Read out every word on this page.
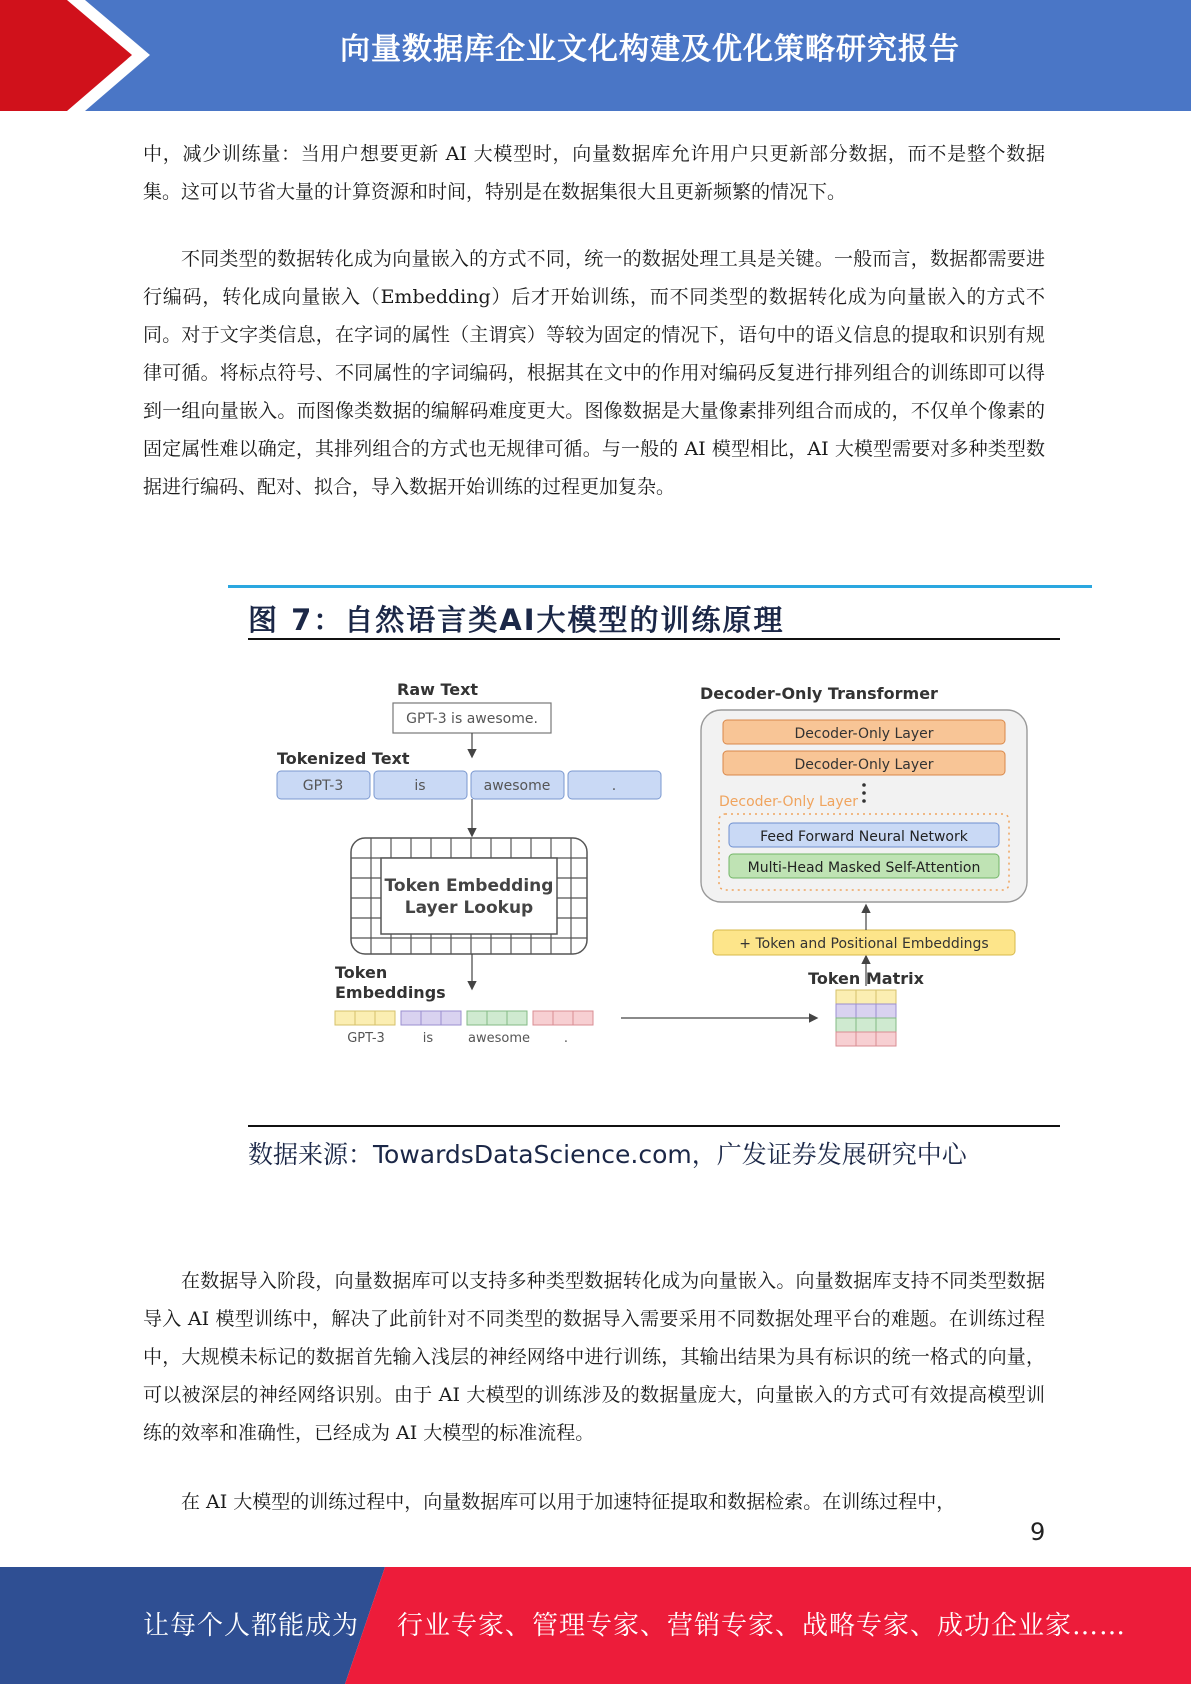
向量数据库企业文化构建及优化策略研究报告

中，减少训练量：当用户想要更新 AI 大模型时，向量数据库允许用户只更新部分数据，而不是整个数据集。这可以节省大量的计算资源和时间，特别是在数据集很大且更新频繁的情况下。

不同类型的数据转化成为向量嵌入的方式不同，统一的数据处理工具是关键。一般而言，数据都需要进行编码，转化成向量嵌入（Embedding）后才开始训练，而不同类型的数据转化成为向量嵌入的方式不同。对于文字类信息，在字词的属性（主谓宾）等较为固定的情况下，语句中的语义信息的提取和识别有规律可循。将标点符号、不同属性的字词编码，根据其在文中的作用对编码反复进行排列组合的训练即可以得到一组向量嵌入。而图像类数据的编解码难度更大。图像数据是大量像素排列组合而成的，不仅单个像素的固定属性难以确定，其排列组合的方式也无规律可循。与一般的 AI 模型相比，AI 大模型需要对多种类型数据进行编码、配对、拟合，导入数据开始训练的过程更加复杂。

图 7：自然语言类AI大模型的训练原理
Raw Text
GPT-3 is awesome.
Tokenized Text
GPT-3	is	awesome	.
Token Embedding
Layer Lookup
Token
Embeddings
GPT-3	is	awesome	.
Token Matrix
+ Token and Positional Embeddings
Decoder-Only Transformer
Decoder-Only Layer
Decoder-Only Layer
Decoder-Only Layer
Feed Forward Neural Network
Multi-Head Masked Self-Attention
数据来源：TowardsDataScience.com，广发证券发展研究中心

在数据导入阶段，向量数据库可以支持多种类型数据转化成为向量嵌入。向量数据库支持不同类型数据导入 AI 模型训练中，解决了此前针对不同类型的数据导入需要采用不同数据处理平台的难题。在训练过程中，大规模未标记的数据首先输入浅层的神经网络中进行训练，其输出结果为具有标识的统一格式的向量，可以被深层的神经网络识别。由于 AI 大模型的训练涉及的数据量庞大，向量嵌入的方式可有效提高模型训练的效率和准确性，已经成为 AI 大模型的标准流程。

在 AI 大模型的训练过程中，向量数据库可以用于加速特征提取和数据检索。在训练过程中，

9
让每个人都能成为 行业专家、管理专家、营销专家、战略专家、成功企业家……
